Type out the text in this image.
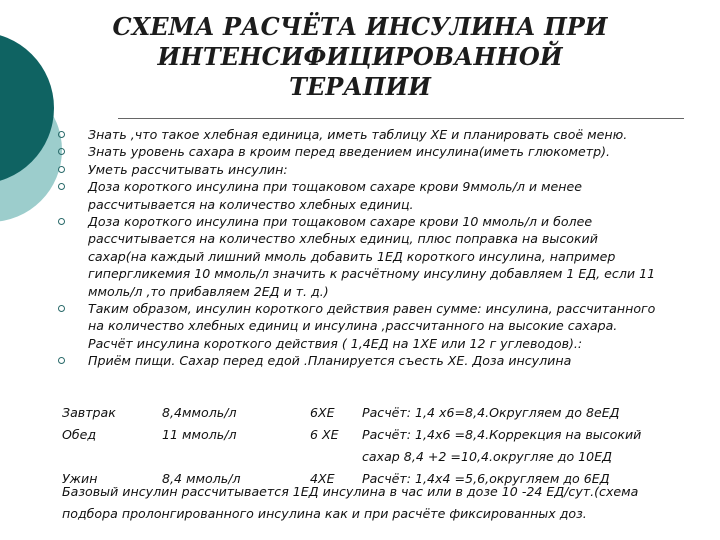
СХЕМА РАСЧЁТА ИНСУЛИНА ПРИ
ИНТЕНСИФИЦИРОВАННОЙ
ТЕРАПИИ
Знать ,что такое хлебная единица, иметь таблицу ХЕ и планировать своё меню.
Знать уровень сахара в кроим перед введением инсулина(иметь глюкометр).
Уметь рассчитывать инсулин:
Доза короткого инсулина при тощаковом сахаре крови 9ммоль/л и менее
рассчитывается на количество хлебных единиц.
Доза короткого инсулина при тощаковом сахаре крови 10 ммоль/л и более
рассчитывается на количество хлебных единиц, плюс поправка на высокий
сахар(на каждый лишний ммоль добавить 1ЕД короткого инсулина, например
гипергликемия 10 ммоль/л значить к расчётному инсулину добавляем 1 ЕД, если 11
ммоль/л ,то прибавляем 2ЕД и т. д.)
Таким образом, инсулин короткого действия равен сумме: инсулина, рассчитанного
на количество хлебных единиц и инсулина ,рассчитанного на высокие сахара.
Расчёт инсулина короткого действия ( 1,4ЕД на 1ХЕ или 12 г углеводов).:
Приём пищи. Сахар перед едой .Планируется съесть ХЕ. Доза инсулина
Завтрак	8,4ммоль/л	6ХЕ Расчёт: 1,4 х6=8,4.Округляем до 8еЕД
Обед	11 ммоль/л	6 ХЕ Расчёт: 1,4х6 =8,4.Коррекция на высокий
сахар 8,4 +2 =10,4.округляе до 10ЕД
Ужин	8,4 ммоль/л	4ХЕ Расчёт: 1,4х4 =5,6,округляем до 6ЕД
Базовый инсулин рассчитывается 1ЕД инсулина в час или в дозе 10 -24 ЕД/сут.(схема
подбора пролонгированного инсулина как и при расчёте фиксированных доз.
